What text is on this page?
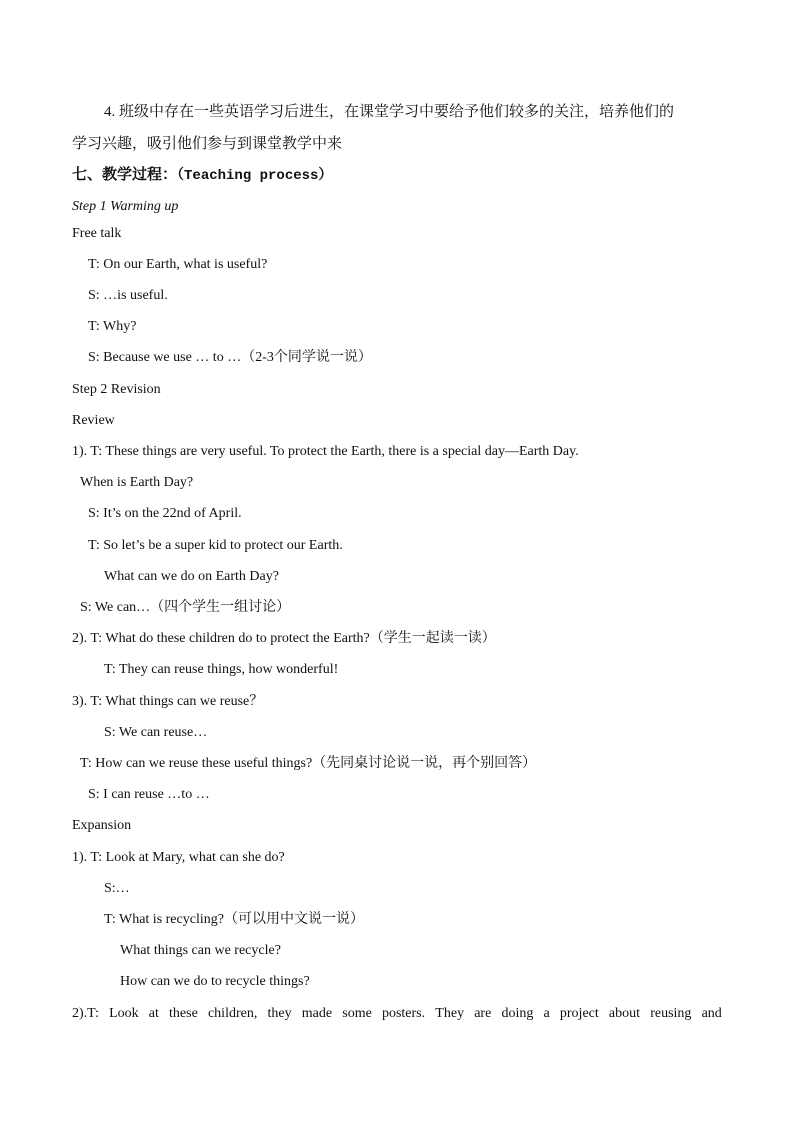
4. 班级中存在一些英语学习后进生，在课堂学习中要给予他们较多的关注，培养他们的
学习兴趣，吸引他们参与到课堂教学中来
七、教学过程：（Teaching process）
Step 1 Warming up
Free talk
T: On our Earth, what is useful?
S: …is useful.
T: Why?
S: Because we use … to …（2-3个同学说一说）
Step 2 Revision
Review
1). T: These things are very useful. To protect the Earth, there is a special day—Earth Day.
When is Earth Day?
S: It’s on the 22nd of April.
T: So let’s be a super kid to protect our Earth.
What can we do on Earth Day?
S: We can…（四个学生一组讨论）
2). T: What do these children do to protect the Earth?（学生一起读一读）
T: They can reuse things, how wonderful!
3). T: What things can we reuse？
S: We can reuse…
T: How can we reuse these useful things?（先同桌讨论说一说，再个别回答）
S: I can reuse …to …
Expansion
1). T: Look at Mary, what can she do?
S:…
T: What is recycling?（可以用中文说一说）
What things can we recycle?
How can we do to recycle things?
2).T: Look at these children, they made some posters. They are doing a project about reusing and
